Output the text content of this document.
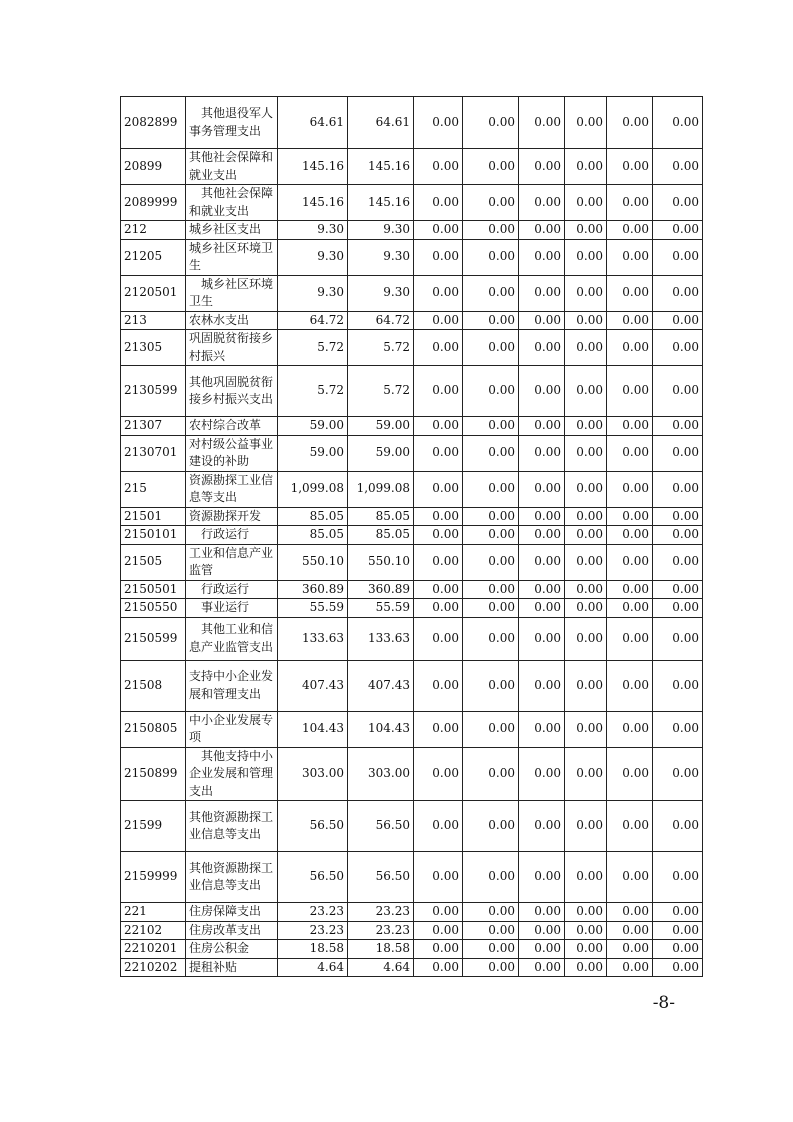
2082899	　其他退役军人事务管理支出	64.61	64.61	0.00	0.00	0.00	0.00	0.00	0.00
20899	其他社会保障和就业支出	145.16	145.16	0.00	0.00	0.00	0.00	0.00	0.00
2089999	　其他社会保障和就业支出	145.16	145.16	0.00	0.00	0.00	0.00	0.00	0.00
212	城乡社区支出	9.30	9.30	0.00	0.00	0.00	0.00	0.00	0.00
21205	城乡社区环境卫生	9.30	9.30	0.00	0.00	0.00	0.00	0.00	0.00
2120501	　城乡社区环境卫生	9.30	9.30	0.00	0.00	0.00	0.00	0.00	0.00
213	农林水支出	64.72	64.72	0.00	0.00	0.00	0.00	0.00	0.00
21305	巩固脱贫衔接乡村振兴	5.72	5.72	0.00	0.00	0.00	0.00	0.00	0.00
2130599	其他巩固脱贫衔接乡村振兴支出	5.72	5.72	0.00	0.00	0.00	0.00	0.00	0.00
21307	农村综合改革	59.00	59.00	0.00	0.00	0.00	0.00	0.00	0.00
2130701	对村级公益事业建设的补助	59.00	59.00	0.00	0.00	0.00	0.00	0.00	0.00
215	资源勘探工业信息等支出	1,099.08	1,099.08	0.00	0.00	0.00	0.00	0.00	0.00
21501	资源勘探开发	85.05	85.05	0.00	0.00	0.00	0.00	0.00	0.00
2150101	　行政运行	85.05	85.05	0.00	0.00	0.00	0.00	0.00	0.00
21505	工业和信息产业监管	550.10	550.10	0.00	0.00	0.00	0.00	0.00	0.00
2150501	　行政运行	360.89	360.89	0.00	0.00	0.00	0.00	0.00	0.00
2150550	　事业运行	55.59	55.59	0.00	0.00	0.00	0.00	0.00	0.00
2150599	　其他工业和信息产业监管支出	133.63	133.63	0.00	0.00	0.00	0.00	0.00	0.00
21508	支持中小企业发展和管理支出	407.43	407.43	0.00	0.00	0.00	0.00	0.00	0.00
2150805	中小企业发展专项	104.43	104.43	0.00	0.00	0.00	0.00	0.00	0.00
2150899	　其他支持中小企业发展和管理支出	303.00	303.00	0.00	0.00	0.00	0.00	0.00	0.00
21599	其他资源勘探工业信息等支出	56.50	56.50	0.00	0.00	0.00	0.00	0.00	0.00
2159999	其他资源勘探工业信息等支出	56.50	56.50	0.00	0.00	0.00	0.00	0.00	0.00
221	住房保障支出	23.23	23.23	0.00	0.00	0.00	0.00	0.00	0.00
22102	住房改革支出	23.23	23.23	0.00	0.00	0.00	0.00	0.00	0.00
2210201	住房公积金	18.58	18.58	0.00	0.00	0.00	0.00	0.00	0.00
2210202	提租补贴	4.64	4.64	0.00	0.00	0.00	0.00	0.00	0.00
-8-
